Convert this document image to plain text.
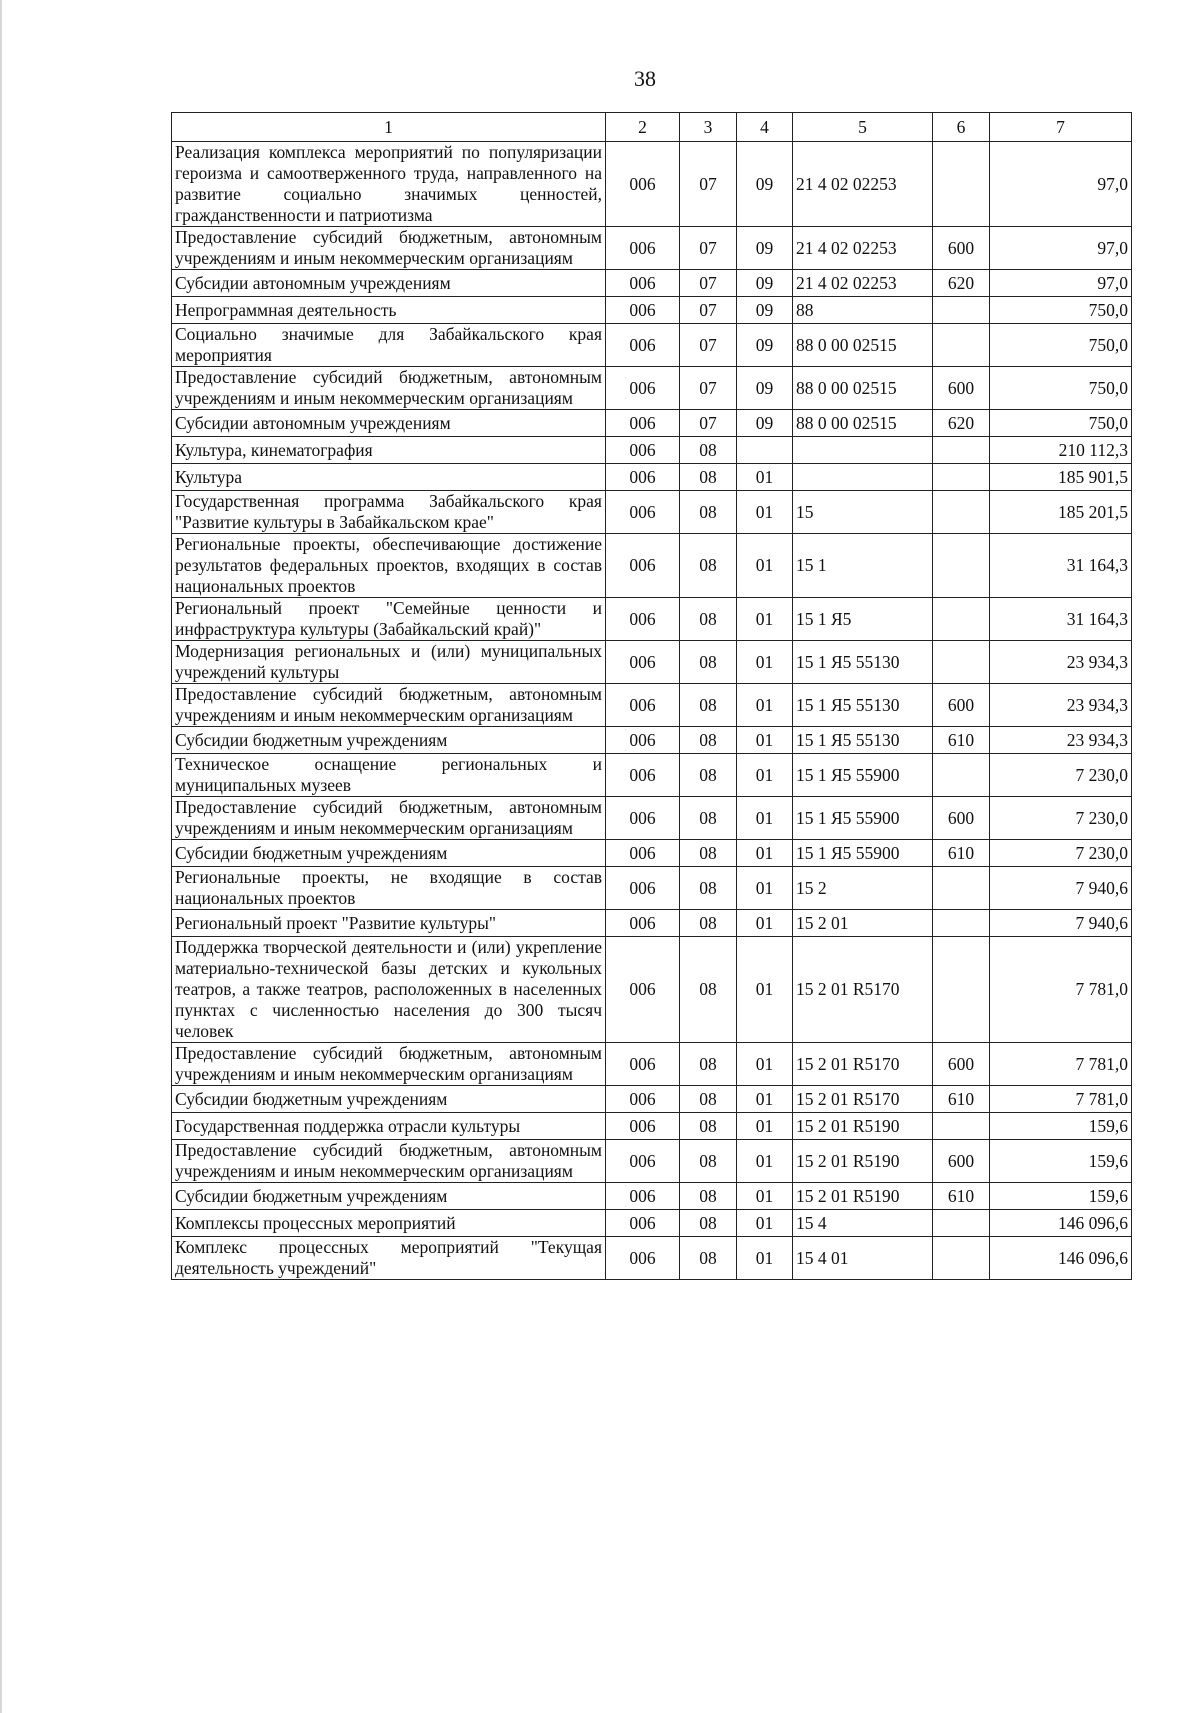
38
1	2	3	4	5	6	7
Реализация комплекса мероприятий по популяризации героизма и самоотверженного труда, направленного на развитие социально значимых ценностей, гражданственности и патриотизма	006	07	09	21 4 02 02253		97,0
Предоставление субсидий бюджетным, автономным учреждениям и иным некоммерческим организациям	006	07	09	21 4 02 02253	600	97,0
Субсидии автономным учреждениям	006	07	09	21 4 02 02253	620	97,0
Непрограммная деятельность	006	07	09	88		750,0
Социально значимые для Забайкальского края мероприятия	006	07	09	88 0 00 02515		750,0
Предоставление субсидий бюджетным, автономным учреждениям и иным некоммерческим организациям	006	07	09	88 0 00 02515	600	750,0
Субсидии автономным учреждениям	006	07	09	88 0 00 02515	620	750,0
Культура, кинематография	006	08				210 112,3
Культура	006	08	01			185 901,5
Государственная программа Забайкальского края "Развитие культуры в Забайкальском крае"	006	08	01	15		185 201,5
Региональные проекты, обеспечивающие достижение результатов федеральных проектов, входящих в состав национальных проектов	006	08	01	15 1		31 164,3
Региональный проект "Семейные ценности и инфраструктура культуры (Забайкальский край)"	006	08	01	15 1 Я5		31 164,3
Модернизация региональных и (или) муниципальных учреждений культуры	006	08	01	15 1 Я5 55130		23 934,3
Предоставление субсидий бюджетным, автономным учреждениям и иным некоммерческим организациям	006	08	01	15 1 Я5 55130	600	23 934,3
Субсидии бюджетным учреждениям	006	08	01	15 1 Я5 55130	610	23 934,3
Техническое оснащение региональных и муниципальных музеев	006	08	01	15 1 Я5 55900		7 230,0
Предоставление субсидий бюджетным, автономным учреждениям и иным некоммерческим организациям	006	08	01	15 1 Я5 55900	600	7 230,0
Субсидии бюджетным учреждениям	006	08	01	15 1 Я5 55900	610	7 230,0
Региональные проекты, не входящие в состав национальных проектов	006	08	01	15 2		7 940,6
Региональный проект "Развитие культуры"	006	08	01	15 2 01		7 940,6
Поддержка творческой деятельности и (или) укрепление материально-технической базы детских и кукольных театров, а также театров, расположенных в населенных пунктах с численностью населения до 300 тысяч человек	006	08	01	15 2 01 R5170		7 781,0
Предоставление субсидий бюджетным, автономным учреждениям и иным некоммерческим организациям	006	08	01	15 2 01 R5170	600	7 781,0
Субсидии бюджетным учреждениям	006	08	01	15 2 01 R5170	610	7 781,0
Государственная поддержка отрасли культуры	006	08	01	15 2 01 R5190		159,6
Предоставление субсидий бюджетным, автономным учреждениям и иным некоммерческим организациям	006	08	01	15 2 01 R5190	600	159,6
Субсидии бюджетным учреждениям	006	08	01	15 2 01 R5190	610	159,6
Комплексы процессных мероприятий	006	08	01	15 4		146 096,6
Комплекс процессных мероприятий "Текущая деятельность учреждений"	006	08	01	15 4 01		146 096,6
